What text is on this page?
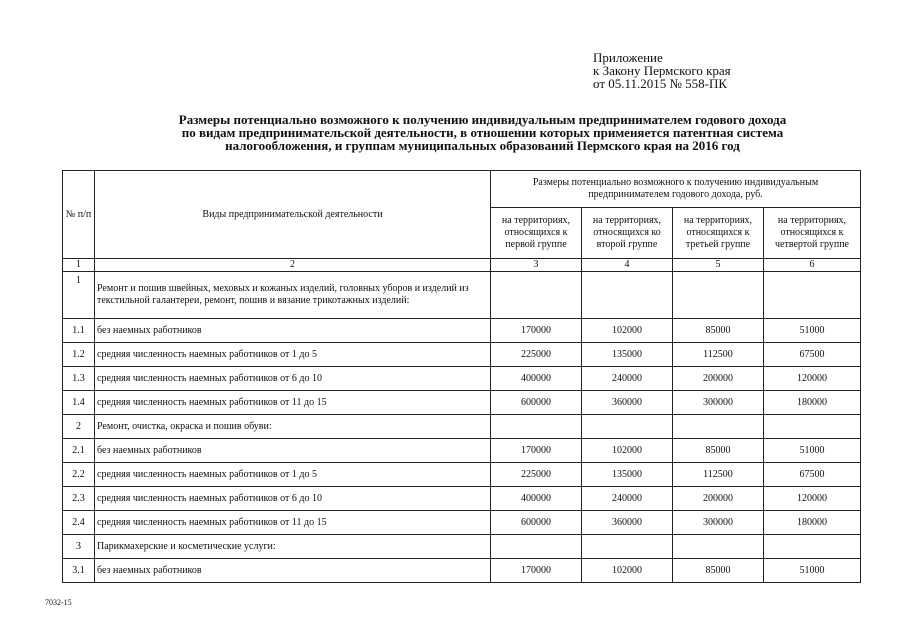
Приложение
к Закону Пермского края
от 05.11.2015 № 558-ПК
Размеры потенциально возможного к получению индивидуальным предпринимателем годового дохода
по видам предпринимательской деятельности, в отношении которых применяется патентная система
налогообложения, и группам муниципальных образований Пермского края на 2016 год
№ п/п	Виды предпринимательской деятельности	Размеры потенциально возможного к получению индивидуальным предпринимателем годового дохода, руб.			
		на территориях, относящихся к первой группе	на территориях, относящихся ко второй группе	на территориях, относящихся к третьей группе	на территориях, относящихся к четвертой группе
1	2	3	4	5	6
1	Ремонт и пошив швейных, меховых и кожаных изделий, головных уборов и изделий из текстильной галантереи, ремонт, пошив и вязание трикотажных изделий:				
1.1	без наемных работников	170000	102000	85000	51000
1.2	средняя численность наемных работников от 1 до 5	225000	135000	112500	67500
1.3	средняя численность наемных работников от 6 до 10	400000	240000	200000	120000
1.4	средняя численность наемных работников от 11 до 15	600000	360000	300000	180000
2	Ремонт, очистка, окраска и пошив обуви:				
2.1	без наемных работников	170000	102000	85000	51000
2.2	средняя численность наемных работников от 1 до 5	225000	135000	112500	67500
2.3	средняя численность наемных работников от 6 до 10	400000	240000	200000	120000
2.4	средняя численность наемных работников от 11 до 15	600000	360000	300000	180000
3	Парикмахерские и косметические услуги:				
3.1	без наемных работников	170000	102000	85000	51000
7032-15
